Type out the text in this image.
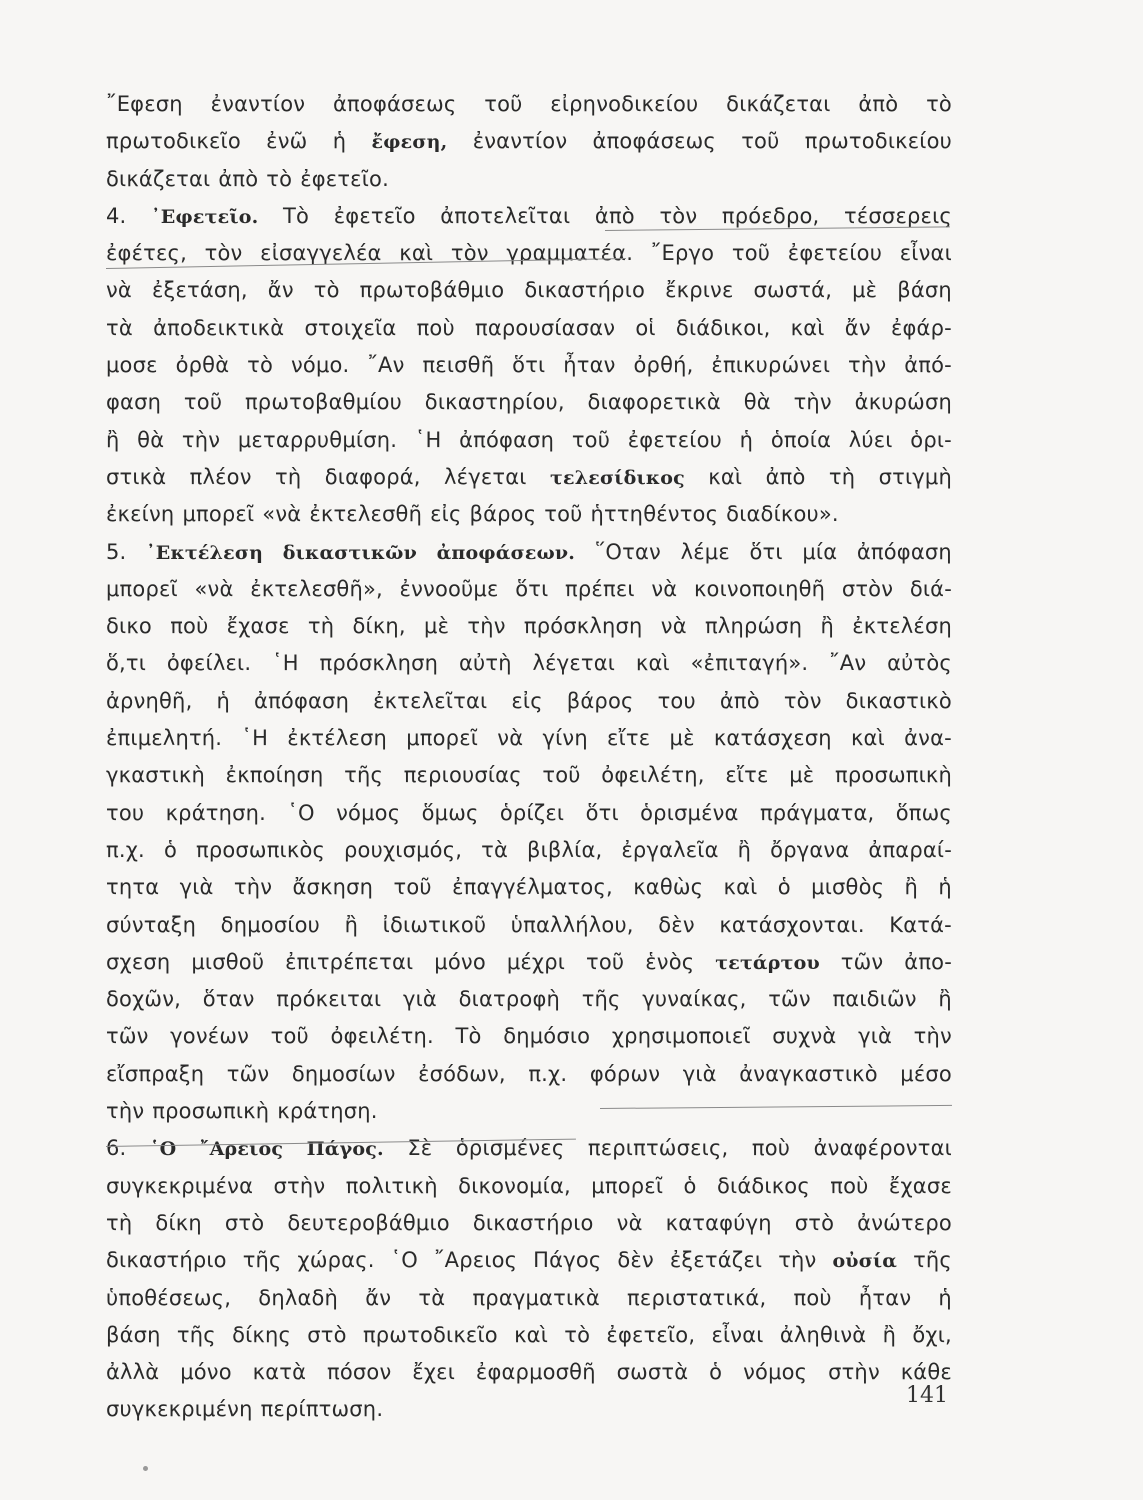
῎Εφεση ἐναντίον ἀποφάσεως τοῦ εἰρηνοδικείου δικάζεται ἀπὸ τὸ
πρωτοδικεῖο ἐνῶ ἡ ἔφεση, ἐναντίον ἀποφάσεως τοῦ πρωτοδικείου
δικάζεται ἀπὸ τὸ ἐφετεῖο.
4. ᾽Εφετεῖο. Τὸ ἐφετεῖο ἀποτελεῖται ἀπὸ τὸν πρόεδρο, τέσσερεις
ἐφέτες, τὸν εἰσαγγελέα καὶ τὸν γραμματέα. ῎Εργο τοῦ ἐφετείου εἶναι
νὰ ἐξετάση, ἄν τὸ πρωτοβάθμιο δικαστήριο ἔκρινε σωστά, μὲ βάση
τὰ ἀποδεικτικὰ στοιχεῖα ποὺ παρουσίασαν οἱ διάδικοι, καὶ ἄν ἐφάρ-
μοσε ὀρθὰ τὸ νόμο. ῎Αν πεισθῆ ὅτι ἦταν ὀρθή, ἐπικυρώνει τὴν ἀπό-
φαση τοῦ πρωτοβαθμίου δικαστηρίου, διαφορετικὰ θὰ τὴν ἀκυρώση
ἢ θὰ τὴν μεταρρυθμίση. ῾Η ἀπόφαση τοῦ ἐφετείου ἡ ὁποία λύει ὁρι-
στικὰ πλέον τὴ διαφορά, λέγεται τελεσίδικος καὶ ἀπὸ τὴ στιγμὴ
ἐκείνη μπορεῖ «νὰ ἐκτελεσθῆ εἰς βάρος τοῦ ἡττηθέντος διαδίκου».
5. ᾽Εκτέλεση δικαστικῶν ἀποφάσεων. ῞Οταν λέμε ὅτι μία ἀπόφαση
μπορεῖ «νὰ ἐκτελεσθῆ», ἐννοοῦμε ὅτι πρέπει νὰ κοινοποιηθῆ στὸν διά-
δικο ποὺ ἔχασε τὴ δίκη, μὲ τὴν πρόσκληση νὰ πληρώση ἢ ἐκτελέση
ὅ,τι ὀφείλει. ῾Η πρόσκληση αὐτὴ λέγεται καὶ «ἐπιταγή». ῎Αν αὐτὸς
ἀρνηθῆ, ἡ ἀπόφαση ἐκτελεῖται εἰς βάρος του ἀπὸ τὸν δικαστικὸ
ἐπιμελητή. ῾Η ἐκτέλεση μπορεῖ νὰ γίνη εἴτε μὲ κατάσχεση καὶ ἀνα-
γκαστικὴ ἐκποίηση τῆς περιουσίας τοῦ ὀφειλέτη, εἴτε μὲ προσωπικὴ
του κράτηση. ῾Ο νόμος ὅμως ὁρίζει ὅτι ὁρισμένα πράγματα, ὅπως
π.χ. ὁ προσωπικὸς ρουχισμός, τὰ βιβλία, ἐργαλεῖα ἢ ὄργανα ἀπαραί-
τητα γιὰ τὴν ἄσκηση τοῦ ἐπαγγέλματος, καθὼς καὶ ὁ μισθὸς ἢ ἡ
σύνταξη δημοσίου ἢ ἰδιωτικοῦ ὑπαλλήλου, δὲν κατάσχονται. Κατά-
σχεση μισθοῦ ἐπιτρέπεται μόνο μέχρι τοῦ ἑνὸς τετάρτου τῶν ἀπο-
δοχῶν, ὅταν πρόκειται γιὰ διατροφὴ τῆς γυναίκας, τῶν παιδιῶν ἢ
τῶν γονέων τοῦ ὀφειλέτη. Τὸ δημόσιο χρησιμοποιεῖ συχνὰ γιὰ τὴν
εἴσπραξη τῶν δημοσίων ἐσόδων, π.χ. φόρων γιὰ ἀναγκαστικὸ μέσο
τὴν προσωπικὴ κράτηση.
6. ῾Ο ῎Αρειος Πάγος. Σὲ ὁρισμένες περιπτώσεις, ποὺ ἀναφέρονται
συγκεκριμένα στὴν πολιτικὴ δικονομία, μπορεῖ ὁ διάδικος ποὺ ἔχασε
τὴ δίκη στὸ δευτεροβάθμιο δικαστήριο νὰ καταφύγη στὸ ἀνώτερο
δικαστήριο τῆς χώρας. ῾Ο ῎Αρειος Πάγος δὲν ἐξετάζει τὴν οὐσία τῆς
ὑποθέσεως, δηλαδὴ ἄν τὰ πραγματικὰ περιστατικά, ποὺ ἦταν ἡ
βάση τῆς δίκης στὸ πρωτοδικεῖο καὶ τὸ ἐφετεῖο, εἶναι ἀληθινὰ ἢ ὄχι,
ἀλλὰ μόνο κατὰ πόσον ἔχει ἐφαρμοσθῆ σωστὰ ὁ νόμος στὴν κάθε
συγκεκριμένη περίπτωση.
141
